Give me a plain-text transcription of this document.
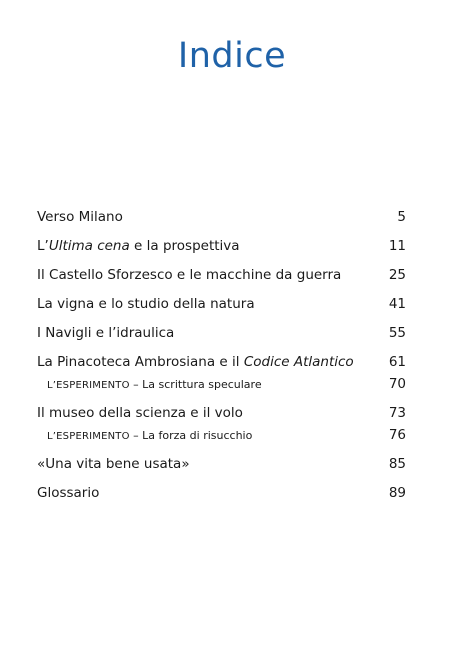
Indice
Verso Milano	5
L’Ultima cena e la prospettiva	11
Il Castello Sforzesco e le macchine da guerra	25
La vigna e lo studio della natura	41
I Navigli e l’idraulica	55
La Pinacoteca Ambrosiana e il Codice Atlantico	61
L’ESPERIMENTO – La scrittura speculare	70
Il museo della scienza e il volo	73
L’ESPERIMENTO – La forza di risucchio	76
«Una vita bene usata»	85
Glossario	89
